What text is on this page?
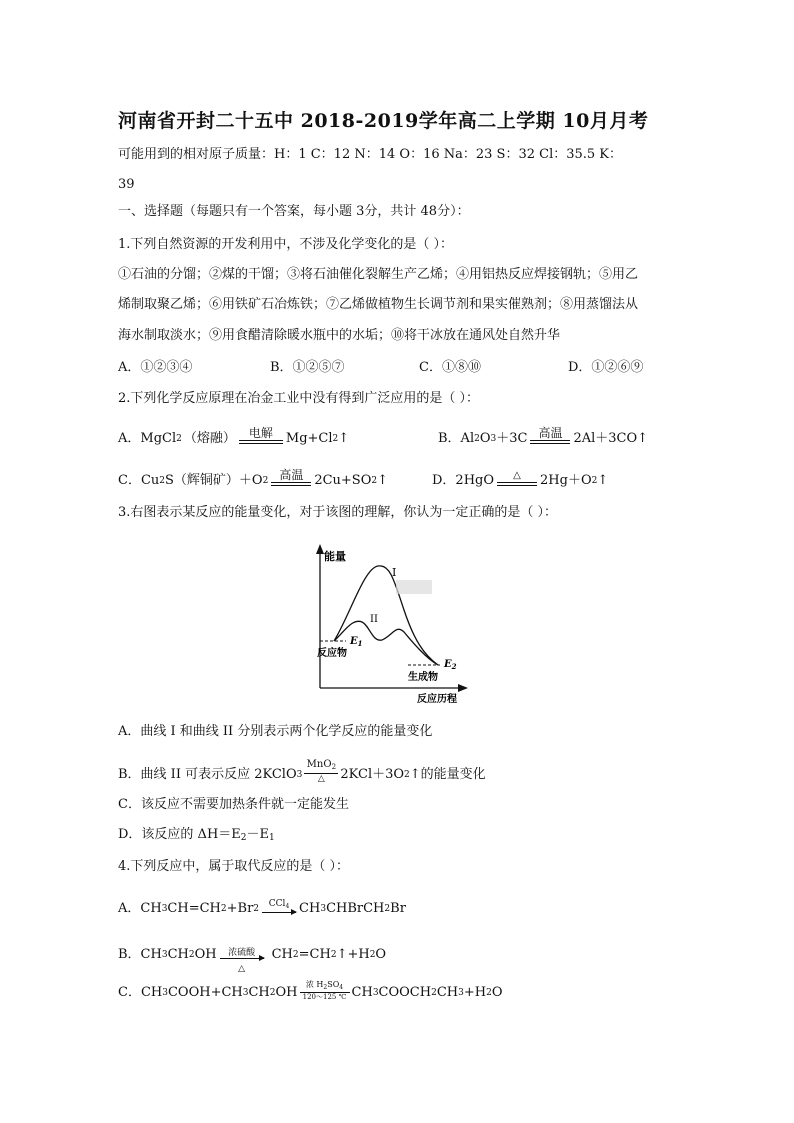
河南省开封二十五中 2018-2019学年高二上学期 10月月考
可能用到的相对原子质量：H：1 C：12 N：14 O：16 Na：23 S：32 Cl：35.5 K：
39
一、选择题（每题只有一个答案，每小题 3分，共计 48分）：
1.下列自然资源的开发利用中，不涉及化学变化的是（ ）：
①石油的分馏；②煤的干馏；③将石油催化裂解生产乙烯；④用铝热反应焊接钢轨；⑤用乙
烯制取聚乙烯；⑥用铁矿石冶炼铁；⑦乙烯做植物生长调节剂和果实催熟剂；⑧用蒸馏法从
海水制取淡水；⑨用食醋清除暖水瓶中的水垢；⑩将干冰放在通风处自然升华
A．①②③④	B．①②⑤⑦	C．①⑧⑩	D．①②⑥⑨
2.下列化学反应原理在冶金工业中没有得到广泛应用的是（ ）：
A．MgCl 2 （熔融）	电解	Mg+Cl 2 ↑	B．Al 2 O 3 ＋3C 高温 2Al＋3CO↑
C．Cu 2 S（辉铜矿）＋O 2 高温 2Cu+SO 2 ↑	D．2HgO	△	2Hg＋O 2 ↑
3.右图表示某反应的能量变化，对于该图的理解，你认为一定正确的是（ ）：
能量
反应历程
I
II
反应物
$E_1$
生成物
$E_2$
A．曲线 I 和曲线 II 分别表示两个化学反应的能量变化
B．曲线 II 可表示反应 2KClO $3 \frac{MnO_2}{\triangle} 2KCl+3O$ 2 ↑的能量变化
C．该反应不需要加热条件就一定能发生
D．该反应的 $\Delta H=E_2-E_1$
4.下列反应中，属于取代反应的是（ ）：
A．CH 3 CH=CH 2 +Br 2	CCl$_4$ CH 3 CHBrCH 2 Br
B．CH 3 CH 2 OH	浓硫酸
△
CH 2 =CH 2 ↑+H 2 O
C．CH 3 COOH+CH 3 CH 2 OH $\frac{浓 H_2SO_4}{120\sim 125 ℃}$ CH 3 COOCH 2 CH 3 +H 2 O
